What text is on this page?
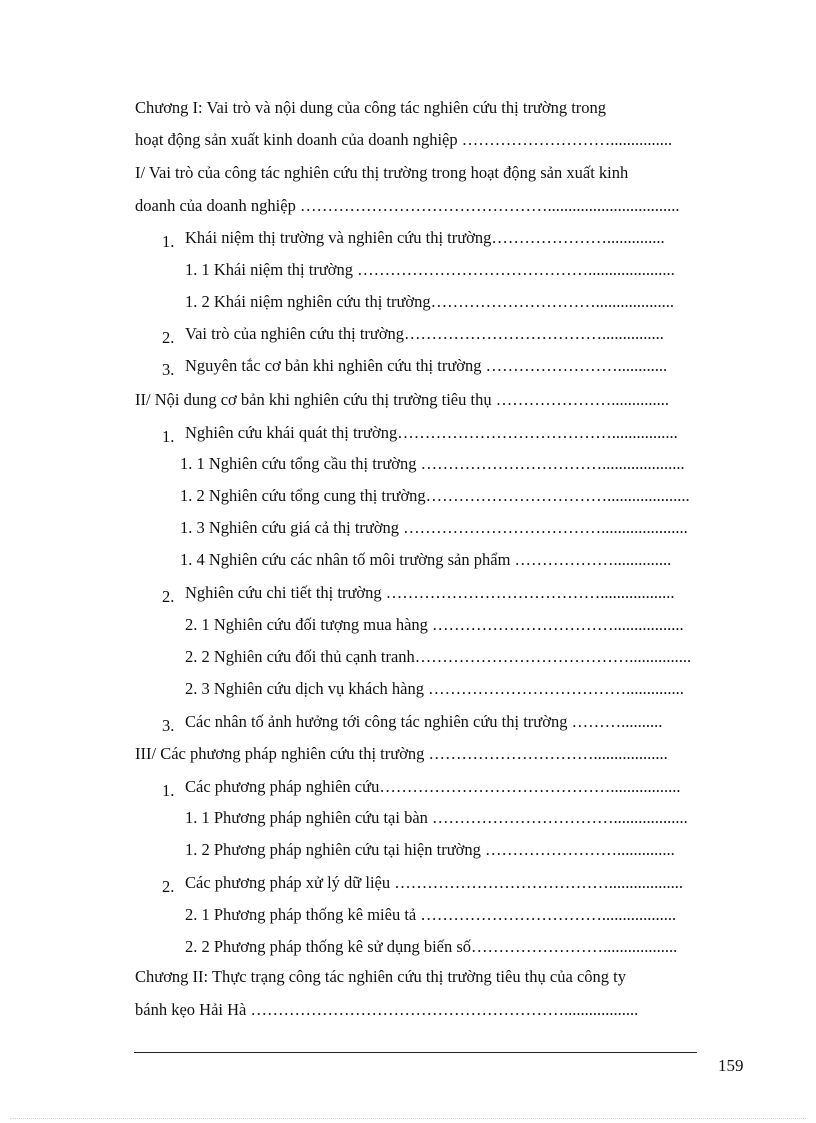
Chương I: Vai trò và nội dung của công tác nghiên cứu thị trường trong
hoạt động sản xuất kinh doanh của doanh nghiệp ………………………...............
I/ Vai trò của công tác nghiên cứu thị trường trong hoạt động sản xuất kinh
doanh của doanh nghiệp ………………………………………................................
1. Khái niệm thị trường và nghiên cứu thị trường…………………..............
1. 1 Khái niệm thị trường …………………………………….....................
1. 2 Khái niệm nghiên cứu thị trường…………………………...................
2. Vai trò của nghiên cứu thị trường………………………………...............
3. Nguyên tắc cơ bản khi nghiên cứu thị trường ……………………............
II/ Nội dung cơ bản khi nghiên cứu thị trường tiêu thụ …………………..............
1. Nghiên cứu khái quát thị trường…………………………………................
1. 1 Nghiên cứu tổng cầu thị trường ……………………………....................
1. 2 Nghiên cứu tổng cung thị trường……………………………....................
1. 3 Nghiên cứu giá cả thị trường ……………………………….....................
1. 4 Nghiên cứu các nhân tố môi trường sản phẩm ………………..............
2. Nghiên cứu chi tiết thị trường …………………………………..................
2. 1 Nghiên cứu đối tượng mua hàng …………………………….................
2. 2 Nghiên cứu đối thủ cạnh tranh…………………………………...............
2. 3 Nghiên cứu dịch vụ khách hàng ………………………………..............
3. Các nhân tố ảnh hưởng tới công tác nghiên cứu thị trường ………..........
III/ Các phương pháp nghiên cứu thị trường …………………………..................
1. Các phương pháp nghiên cứu…………………………………….................
1. 1 Phương pháp nghiên cứu tại bàn ……………………………..................
1. 2 Phương pháp nghiên cứu tại hiện trường ……………………..............
2. Các phương pháp xử lý dữ liệu …………………………………..................
2. 1 Phương pháp thống kê miêu tả ……………………………..................
2. 2 Phương pháp thống kê sử dụng biến số……………………..................
Chương II: Thực trạng công tác nghiên cứu thị trường tiêu thụ của công ty
bánh kẹo Hải Hà …………………………………………………..................
159
